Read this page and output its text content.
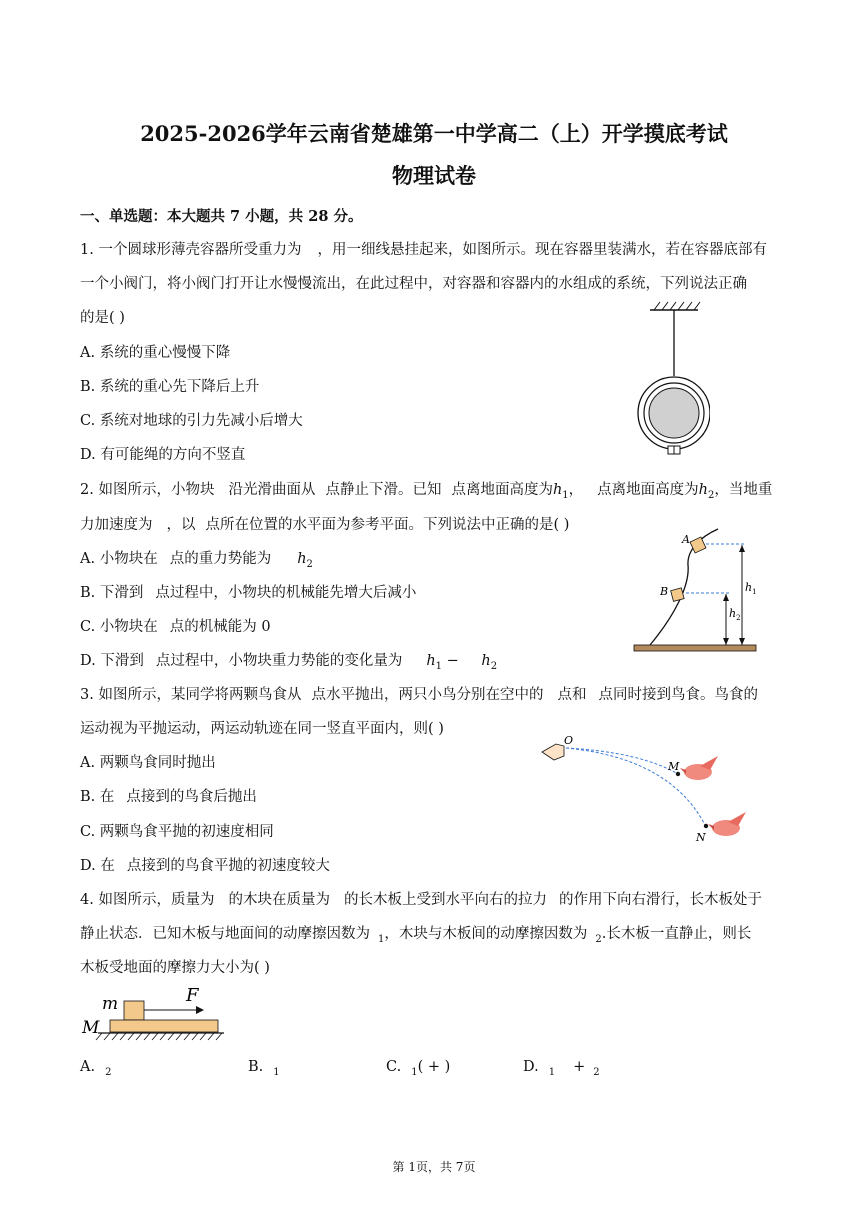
2025-2026学年云南省楚雄第一中学高二（上）开学摸底考试
物理试卷
一、单选题：本大题共 7 小题，共 28 分。
1. 一个圆球形薄壳容器所受重力为 ，用一细线悬挂起来，如图所示。现在容器里装满水，若在容器底部有
一个小阀门，将小阀门打开让水慢慢流出，在此过程中，对容器和容器内的水组成的系统，下列说法正确
的是( )
A. 系统的重心慢慢下降
B. 系统的重心先下降后上升
C. 系统对地球的引力先减小后增大
D. 有可能绳的方向不竖直
2. 如图所示，小物块 沿光滑曲面从 点静止下滑。已知 点离地面高度为$h_1$， 点离地面高度为$h_2$，当地重
力加速度为 ，以 点所在位置的水平面为参考平面。下列说法中正确的是( )
A. 小物块在 点的重力势能为 $h_2$
B. 下滑到 点过程中，小物块的机械能先增大后减小
C. 小物块在 点的机械能为 0
D. 下滑到 点过程中，小物块重力势能的变化量为 $h_1 - h_2$
A
B	$h_1$
$h_2$
3. 如图所示，某同学将两颗鸟食从 点水平抛出，两只小鸟分别在空中的 点和 点同时接到鸟食。鸟食的
运动视为平抛运动，两运动轨迹在同一竖直平面内，则( )
A. 两颗鸟食同时抛出
B. 在 点接到的鸟食后抛出
C. 两颗鸟食平抛的初速度相同
D. 在 点接到的鸟食平抛的初速度较大
O
M
N
4. 如图所示，质量为 的木块在质量为 的长木板上受到水平向右的拉力 的作用下向右滑行，长木板处于
静止状态．已知木板与地面间的动摩擦因数为 $_1$，木块与木板间的动摩擦因数为 $_2$.长木板一直静止，则长
木板受地面的摩擦力大小为( )
m	F
M
A. $_2$	B. $_1$	C. $_1$( + )	D. $_1$ + $_2$
第 1页，共 7页
